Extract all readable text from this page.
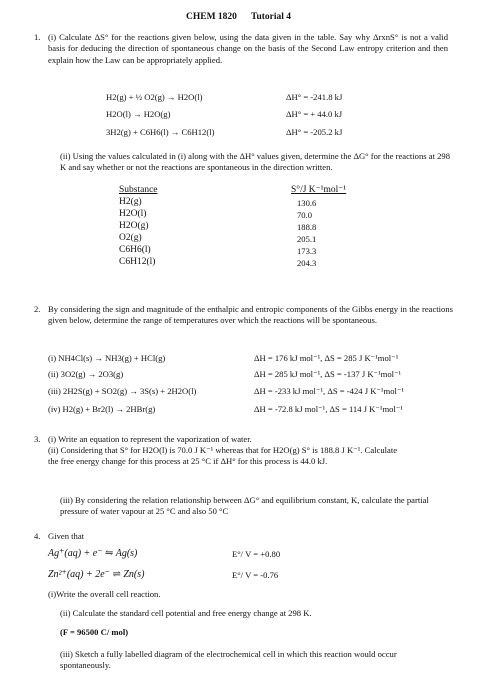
CHEM 1820 Tutorial 4
1. (i) Calculate ΔS° for the reactions given below, using the data given in the table. Say why ΔrxnS° is not a valid basis for deducing the direction of spontaneous change on the basis of the Second Law entropy criterion and then explain how the Law can be appropriately applied.
H2(g) + ½ O2(g) → H2O(l)	ΔH° = -241.8 kJ
H2O(l) → H2O(g)	ΔH° = + 44.0 kJ
3H2(g) + C6H6(l) → C6H12(l)	ΔH° = -205.2 kJ
(ii) Using the values calculated in (i) along with the ΔH° values given, determine the ΔG° for the reactions at 298 K and say whether or not the reactions are spontaneous in the direction written.
Substance	S°/J K⁻¹mol⁻¹
H2(g)	130.6
H2O(l)	70.0
H2O(g)	188.8
O2(g)	205.1
C6H6(l)	173.3
C6H12(l)	204.3
2. By considering the sign and magnitude of the enthalpic and entropic components of the Gibbs energy in the reactions given below, determine the range of temperatures over which the reactions will be spontaneous.
(i) NH4Cl(s) → NH3(g) + HCl(g)	ΔH = 176 kJ mol⁻¹, ΔS = 285 J K⁻¹mol⁻¹
(ii) 3O2(g) → 2O3(g)	ΔH = 285 kJ mol⁻¹, ΔS = -137 J K⁻¹mol⁻¹
(iii) 2H2S(g) + SO2(g) → 3S(s) + 2H2O(l)	ΔH = -233 kJ mol⁻¹, ΔS = -424 J K⁻¹mol⁻¹
(iv) H2(g) + Br2(l) → 2HBr(g)	ΔH = -72.8 kJ mol⁻¹, ΔS = 114 J K⁻¹mol⁻¹
3. (i) Write an equation to represent the vaporization of water.
(ii) Considering that S° for H2O(l) is 70.0 J K⁻¹ whereas that for H2O(g) S° is 188.8 J K⁻¹. Calculate the free energy change for this process at 25 °C if ΔH° for this process is 44.0 kJ.
(iii) By considering the relation relationship between ΔG° and equilibrium constant, K, calculate the partial pressure of water vapour at 25 °C and also 50 °C
4. Given that
Ag⁺(aq) + e⁻ ⇋ Ag(s)	E°/ V = +0.80
Zn²⁺(aq) + 2e⁻ ⇌ Zn(s)	E°/ V = -0.76
(i)Write the overall cell reaction.
(ii) Calculate the standard cell potential and free energy change at 298 K.
(F = 96500 C/ mol)
(iii) Sketch a fully labelled diagram of the electrochemical cell in which this reaction would occur spontaneously.
